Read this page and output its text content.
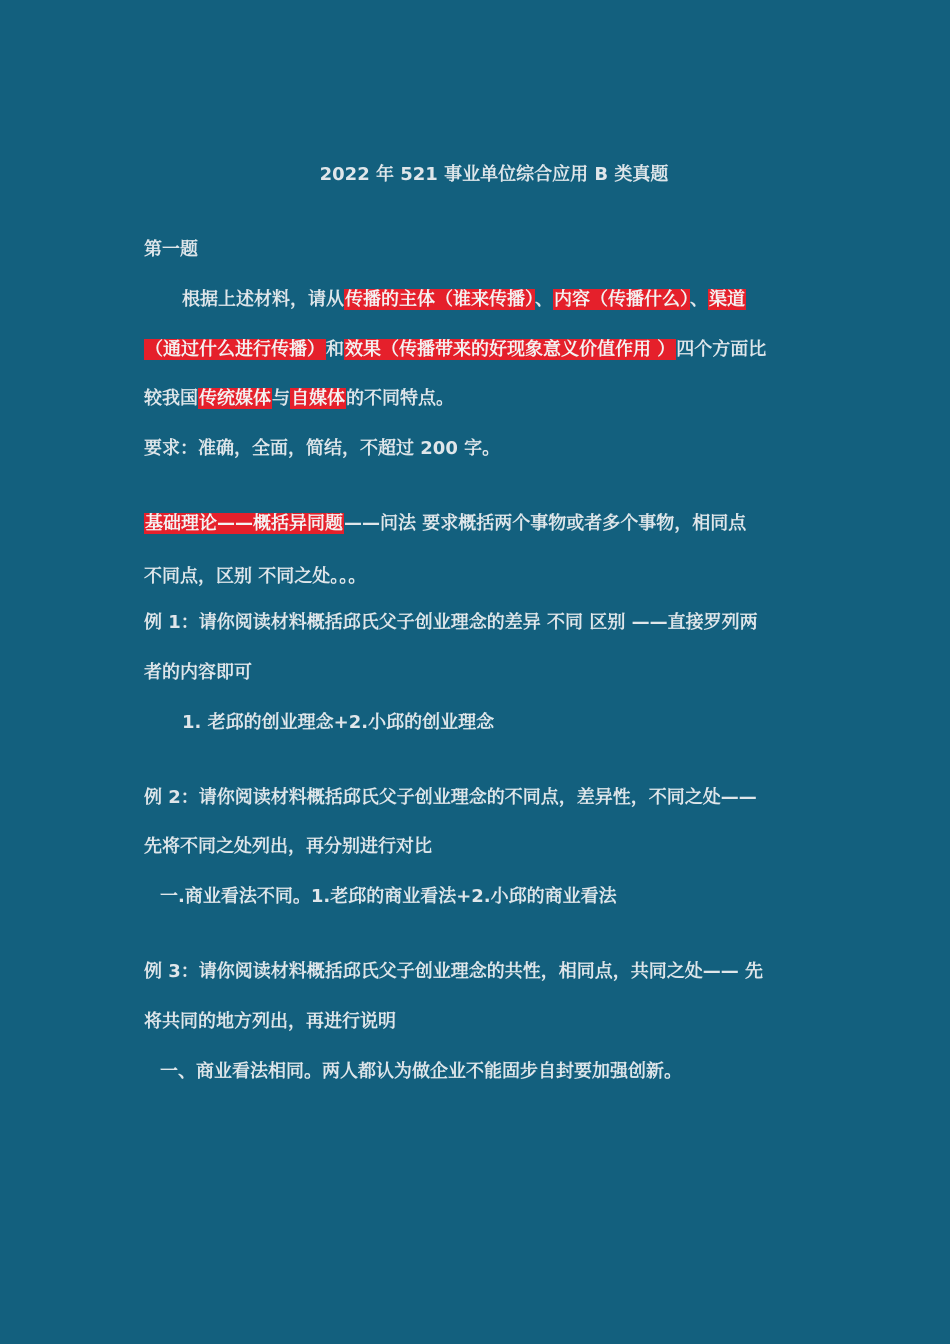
2022 年 521 事业单位综合应用 B 类真题
第一题
根据上述材料，请从传播的主体（谁来传播）、内容（传播什么）、渠道
（通过什么进行传播）和效果（传播带来的好现象意义价值作用 ）四个方面比
较我国传统媒体与自媒体的不同特点。
要求：准确，全面，简结，不超过 200 字。
基础理论——概括异同题——问法 要求概括两个事物或者多个事物，相同点
不同点，区别 不同之处。。。
例 1：请你阅读材料概括邱氏父子创业理念的差异 不同 区别 ——直接罗列两
者的内容即可
1. 老邱的创业理念+2.小邱的创业理念
例 2：请你阅读材料概括邱氏父子创业理念的不同点，差异性，不同之处——
先将不同之处列出，再分别进行对比
一.商业看法不同。1.老邱的商业看法+2.小邱的商业看法
例 3：请你阅读材料概括邱氏父子创业理念的共性，相同点，共同之处—— 先
将共同的地方列出，再进行说明
一、商业看法相同。两人都认为做企业不能固步自封要加强创新。
